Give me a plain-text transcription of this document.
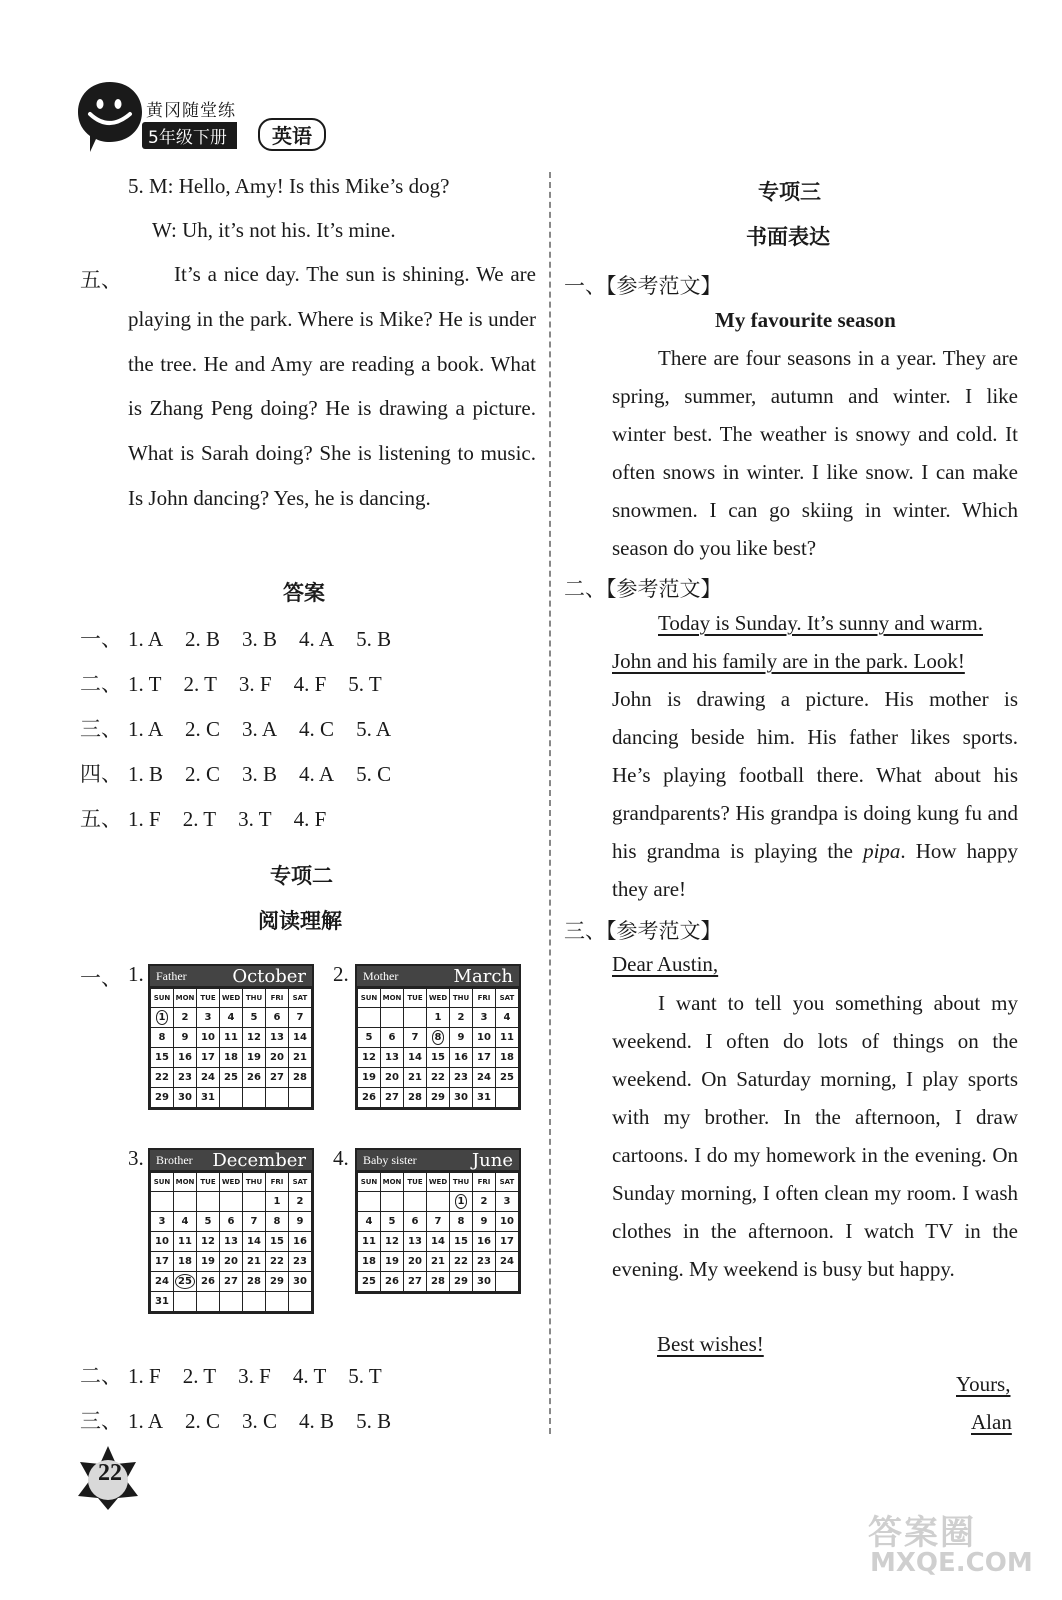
黄冈随堂练
5年级下册	英语
5. M: Hello, Amy! Is this Mike’s dog?
W: Uh, it’s not his. It’s mine.
五、	It’s a nice day. The sun is shining. We are playing in the park. Where is Mike? He is under the tree. He and Amy are reading a book. What is Zhang Peng doing? He is drawing a picture. What is Sarah doing? She is listening to music. Is John dancing? Yes, he is dancing.
答案
一、 1. A 2. B 3. B 4. A 5. B
二、 1. T 2. T 3. F 4. F 5. T
三、 1. A 2. C 3. A 4. C 5. A
四、 1. B 2. C 3. B 4. A 5. C
五、 1. F 2. T 3. T 4. F
专项二
阅读理解
一、 1. Father	October
SUN	MON	TUE	WED	THU	FRI	SAT
1	2	3	4	5	6	7
8	9	10	11	12	13	14
15	16	17	18	19	20	21
22	23	24	25	26	27	28
29	30	31				
2. Mother	March
SUN	MON	TUE	WED	THU	FRI	SAT
			1	2	3	4
5	6	7	8	9	10	11
12	13	14	15	16	17	18
19	20	21	22	23	24	25
26	27	28	29	30	31	
3. Brother December
SUN	MON	TUE	WED	THU	FRI	SAT
					1	2
3	4	5	6	7	8	9
10	11	12	13	14	15	16
17	18	19	20	21	22	23
24	25	26	27	28	29	30
31						
4. Baby sister	June
SUN	MON	TUE	WED	THU	FRI	SAT
				1	2	3
4	5	6	7	8	9	10
11	12	13	14	15	16	17
18	19	20	21	22	23	24
25	26	27	28	29	30	
二、 1. F 2. T 3. F 4. T 5. T
三、 1. A 2. C 3. C 4. B 5. B
专项三
书面表达
一、【参考范文】
My favourite season
There are four seasons in a year. They are spring, summer, autumn and winter. I like winter best. The weather is snowy and cold. It often snows in winter. I like snow. I can make snowmen. I can go skiing in winter. Which season do you like best?
二、【参考范文】
Today is Sunday. It’s sunny and warm.
John and his family are in the park. Look!
John is drawing a picture. His mother is dancing beside him. His father likes sports. He’s playing football there. What about his grandparents? His grandpa is doing kung fu and his grandma is playing the pipa. How happy they are!
三、【参考范文】
Dear Austin,
I want to tell you something about my weekend. I often do lots of things on the weekend. On Saturday morning, I play sports with my brother. In the afternoon, I draw cartoons. I do my homework in the evening. On Sunday morning, I often clean my room. I wash clothes in the afternoon. I watch TV in the evening. My weekend is busy but happy.
Best wishes!
Yours,
Alan
22
答案圈
MXQE.COM
